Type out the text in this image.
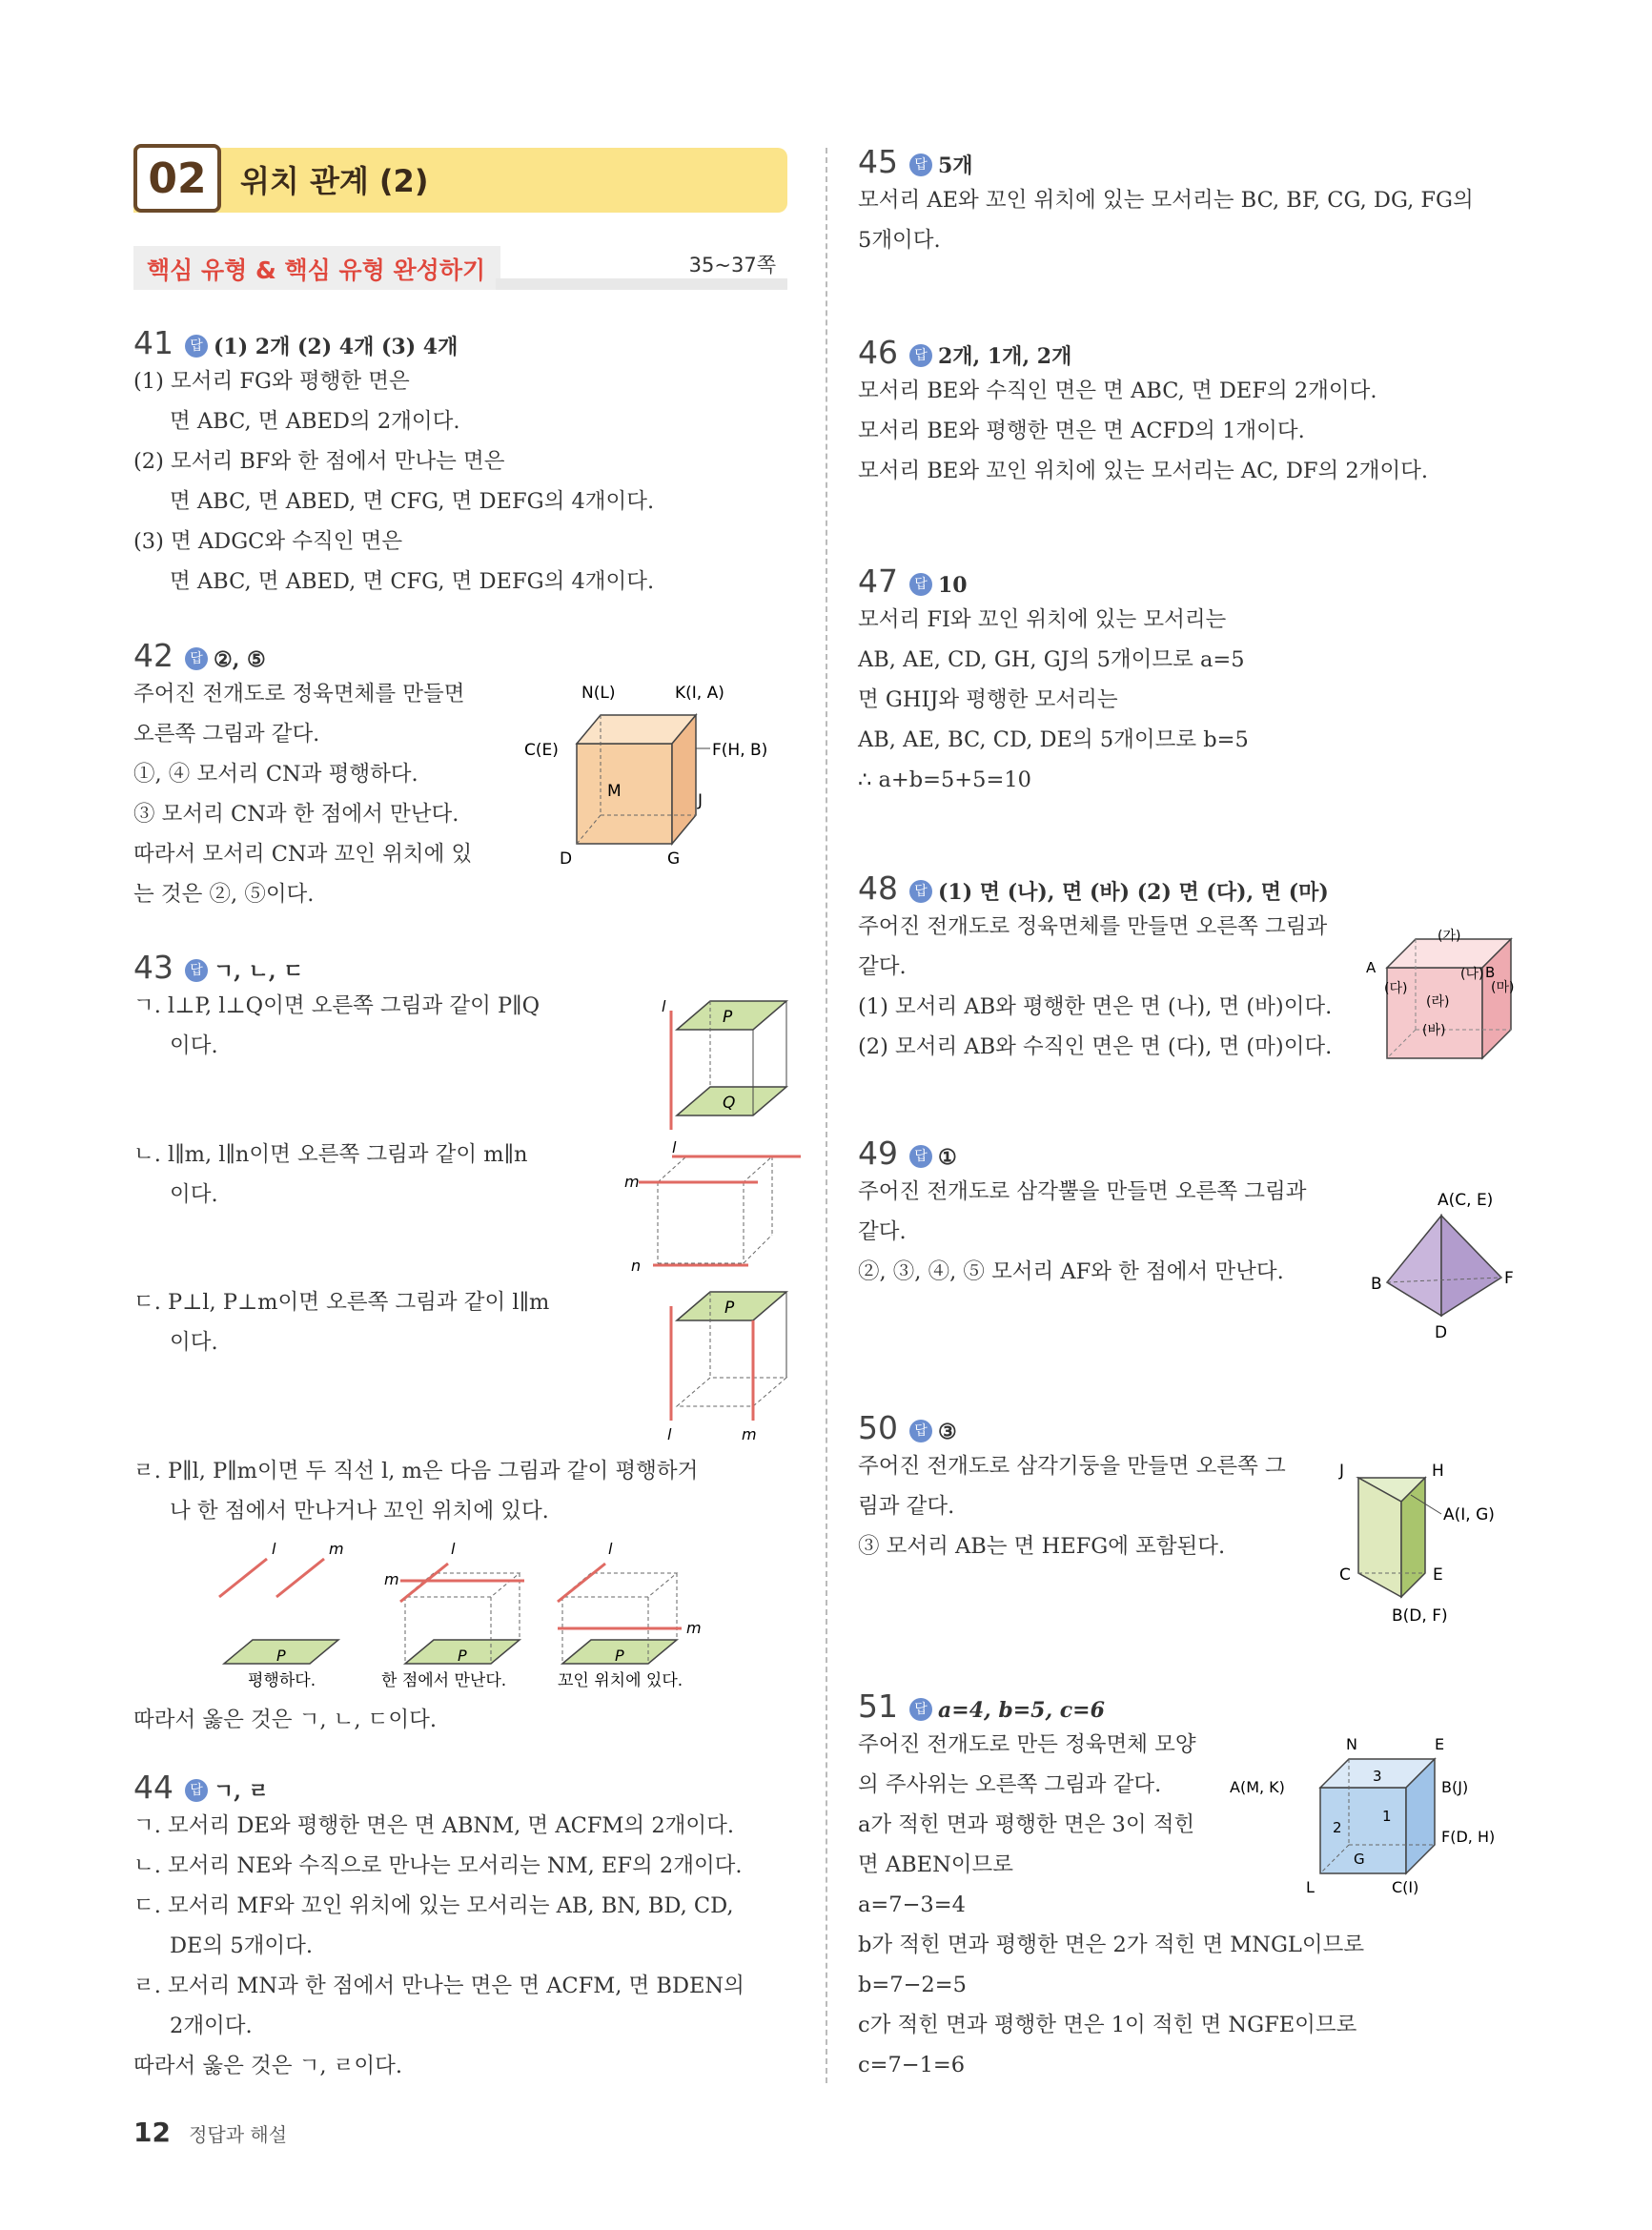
02	위치 관계 (2)
핵심 유형 & 핵심 유형 완성하기	35~37쪽
41 답 (1) 2개 (2) 4개 (3) 4개
(1) 모서리 FG와 평행한 면은
면 ABC, 면 ABED의 2개이다.
(2) 모서리 BF와 한 점에서 만나는 면은
면 ABC, 면 ABED, 면 CFG, 면 DEFG의 4개이다.
(3) 면 ADGC와 수직인 면은
면 ABC, 면 ABED, 면 CFG, 면 DEFG의 4개이다.
42 답 ②, ⑤
주어진 전개도로 정육면체를 만들면
오른쪽 그림과 같다.
①, ④ 모서리 CN과 평행하다.
③ 모서리 CN과 한 점에서 만난다.
따라서 모서리 CN과 꼬인 위치에 있
는 것은 ②, ⑤이다.
N(L)	K(I, A)
C(E)	F(H, B)
M	J
D	G
43 답 ㄱ, ㄴ, ㄷ
ㄱ. l⊥P, l⊥Q이면 오른쪽 그림과 같이 P∥Q
이다.
ㄴ. l∥m, l∥n이면 오른쪽 그림과 같이 m∥n
이다.
ㄷ. P⊥l, P⊥m이면 오른쪽 그림과 같이 l∥m
이다.
ㄹ. P∥l, P∥m이면 두 직선 l, m은 다음 그림과 같이 평행하거
나 한 점에서 만나거나 꼬인 위치에 있다.
따라서 옳은 것은 ㄱ, ㄴ, ㄷ이다.
l
P
Q
l
m
n
P
l	m
l	m
P
l
m
P
l
m
P
평행하다.	한 점에서 만난다.	꼬인 위치에 있다.
44 답 ㄱ, ㄹ
ㄱ. 모서리 DE와 평행한 면은 면 ABNM, 면 ACFM의 2개이다.
ㄴ. 모서리 NE와 수직으로 만나는 모서리는 NM, EF의 2개이다.
ㄷ. 모서리 MF와 꼬인 위치에 있는 모서리는 AB, BN, BD, CD,
DE의 5개이다.
ㄹ. 모서리 MN과 한 점에서 만나는 면은 면 ACFM, 면 BDEN의
2개이다.
따라서 옳은 것은 ㄱ, ㄹ이다.
45 답 5개
모서리 AE와 꼬인 위치에 있는 모서리는 BC, BF, CG, DG, FG의
5개이다.
46 답 2개, 1개, 2개
모서리 BE와 수직인 면은 면 ABC, 면 DEF의 2개이다.
모서리 BE와 평행한 면은 면 ACFD의 1개이다.
모서리 BE와 꼬인 위치에 있는 모서리는 AC, DF의 2개이다.
47 답 10
모서리 FI와 꼬인 위치에 있는 모서리는
AB, AE, CD, GH, GJ의 5개이므로 a=5
면 GHIJ와 평행한 모서리는
AB, AE, BC, CD, DE의 5개이므로 b=5
∴ a+b=5+5=10
48 답 (1) 면 (나), 면 (바) (2) 면 (다), 면 (마)
주어진 전개도로 정육면체를 만들면 오른쪽 그림과
같다.
(1) 모서리 AB와 평행한 면은 면 (나), 면 (바)이다.
(2) 모서리 AB와 수직인 면은 면 (다), 면 (마)이다.
(가)
(나)
(다)
(라)
(마)
(바)
A	B
49 답 ①
주어진 전개도로 삼각뿔을 만들면 오른쪽 그림과
같다.
②, ③, ④, ⑤ 모서리 AF와 한 점에서 만난다.
A(C, E)
B	F
D
50 답 ③
주어진 전개도로 삼각기둥을 만들면 오른쪽 그
림과 같다.
③ 모서리 AB는 면 HEFG에 포함된다.
J	H
A(I, G)
C	E
B(D, F)
51 답 a=4, b=5, c=6
주어진 전개도로 만든 정육면체 모양
의 주사위는 오른쪽 그림과 같다.
a가 적힌 면과 평행한 면은 3이 적힌
면 ABEN이므로
a=7−3=4
b가 적힌 면과 평행한 면은 2가 적힌 면 MNGL이므로
b=7−2=5
c가 적힌 면과 평행한 면은 1이 적힌 면 NGFE이므로
c=7−1=6
N	E
3
2
1
G
A(M, K)	B(J)
F(D, H)
L	C(I)
12 정답과 해설
